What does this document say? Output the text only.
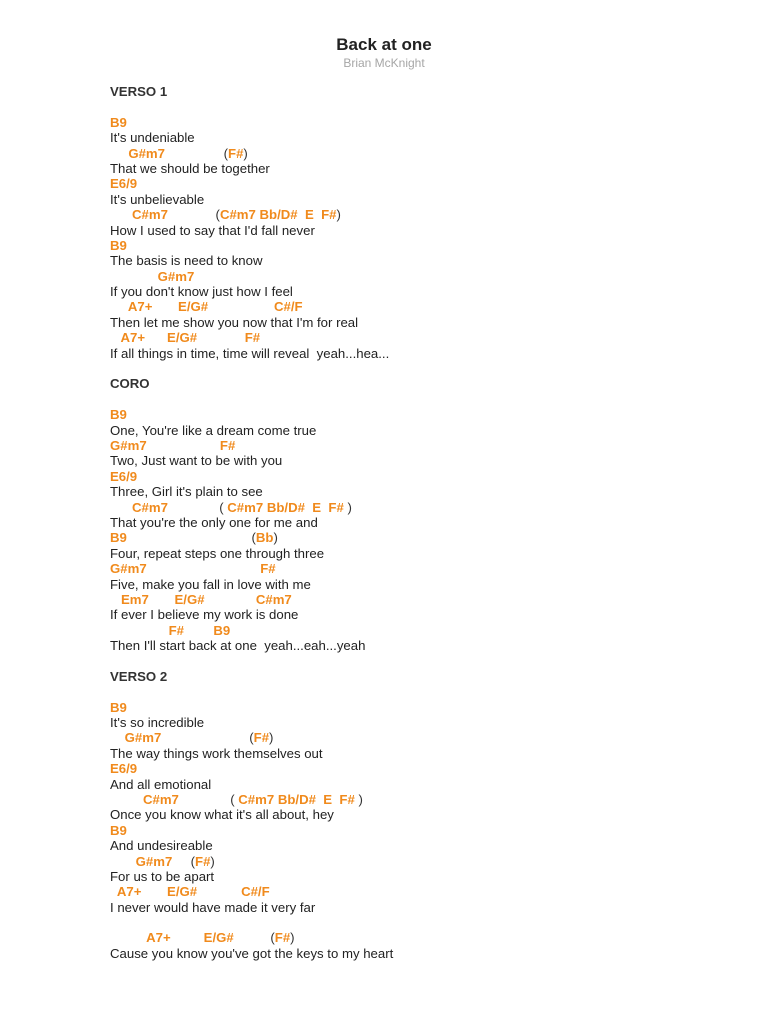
Back at one
Brian McKnight
VERSO 1
B9
It's undeniable
G#m7                (F#)
That we should be together
E6/9
It's unbelievable
C#m7             (C#m7 Bb/D#  E  F#)
How I used to say that I'd fall never
B9
The basis is need to know
G#m7
If you don't know just how I feel
A7+       E/G#                  C#/F
Then let me show you now that I'm for real
A7+      E/G#             F#
If all things in time, time will reveal  yeah...hea...
CORO
B9
One, You're like a dream come true
G#m7                    F#
Two, Just want to be with you
E6/9
Three, Girl it's plain to see
C#m7              ( C#m7 Bb/D#  E  F# )
That you're the only one for me and
B9                                  (Bb)
Four, repeat steps one through three
G#m7                               F#
Five, make you fall in love with me
Em7       E/G#              C#m7
If ever I believe my work is done
F#        B9
Then I'll start back at one  yeah...eah...yeah
VERSO 2
B9
It's so incredible
G#m7                        (F#)
The way things work themselves out
E6/9
And all emotional
C#m7              ( C#m7 Bb/D#  E  F# )
Once you know what it's all about, hey
B9
And undesireable
G#m7     (F#)
For us to be apart
A7+       E/G#            C#/F
I never would have made it very far
A7+         E/G#          (F#)
Cause you know you've got the keys to my heart
